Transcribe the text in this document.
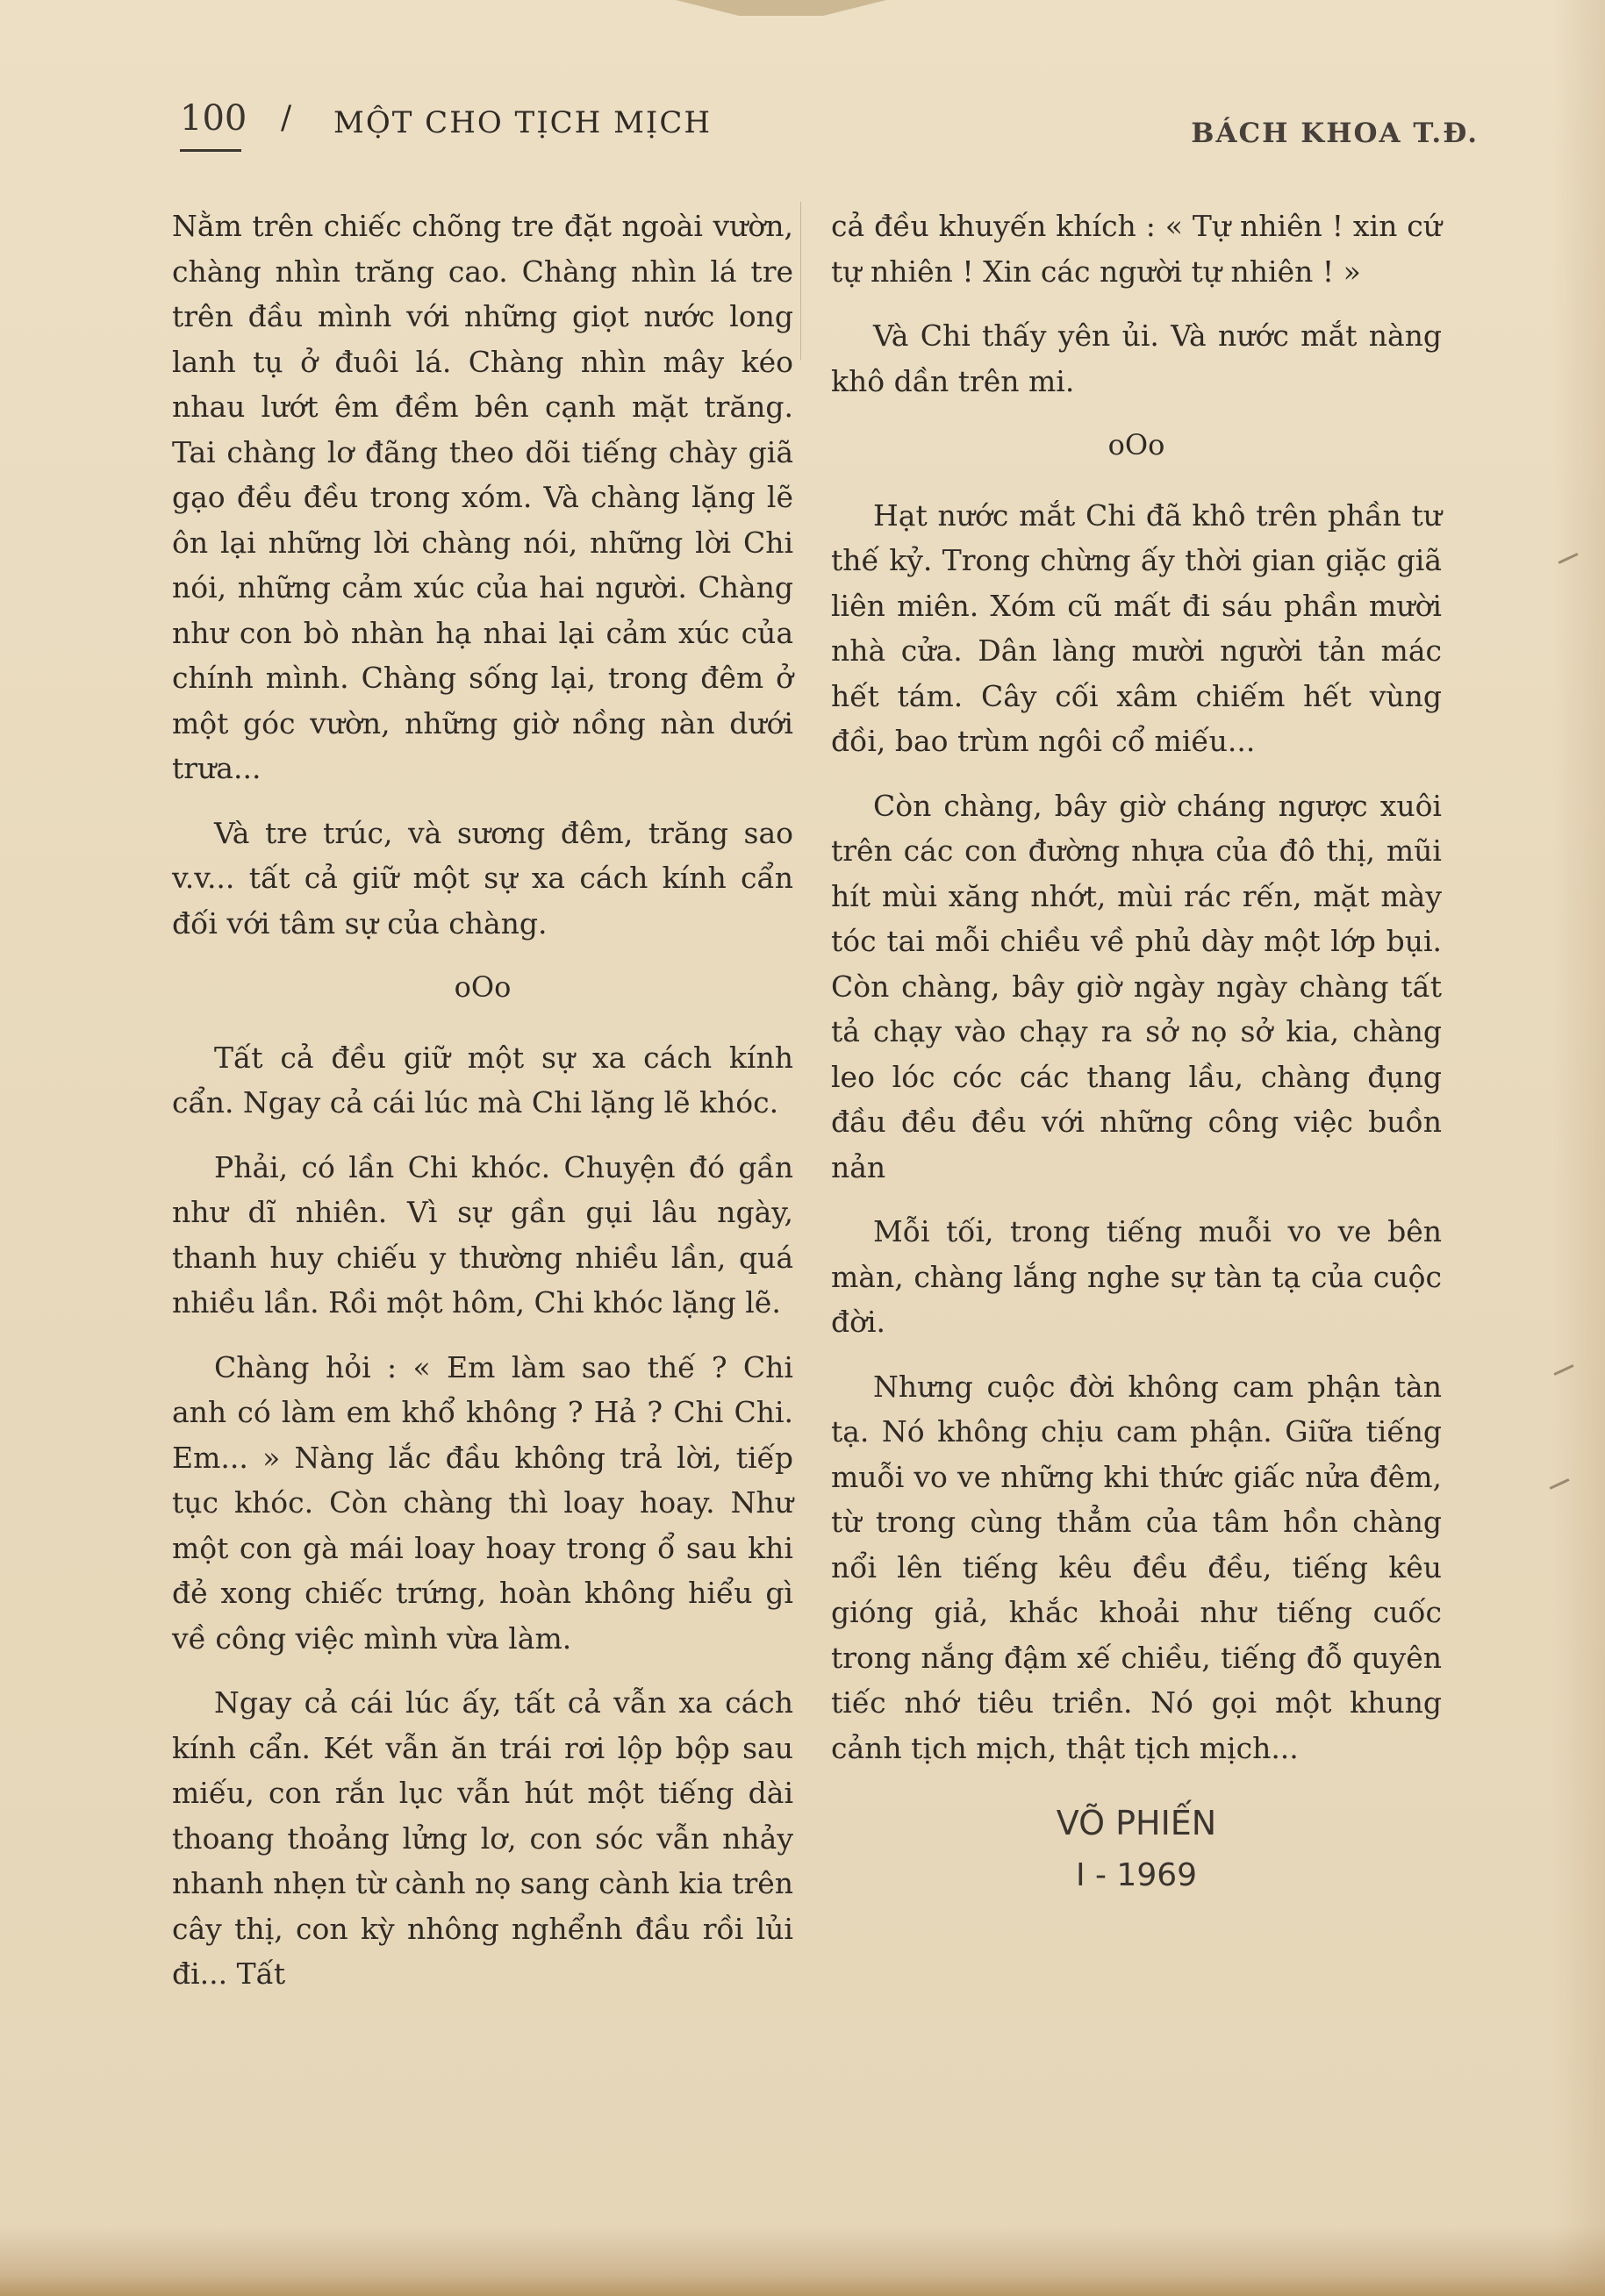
100 / MỘT CHO TỊCH MỊCH	BÁCH KHOA T.Đ.

Nằm trên chiếc chõng tre đặt ngoài vườn, chàng nhìn trăng cao. Chàng nhìn lá tre trên đầu mình với những giọt nước long lanh tụ ở đuôi lá. Chàng nhìn mây kéo nhau lướt êm đềm bên cạnh mặt trăng. Tai chàng lơ đãng theo dõi tiếng chày giã gạo đều đều trong xóm. Và chàng lặng lẽ ôn lại những lời chàng nói, những lời Chi nói, những cảm xúc của hai người. Chàng như con bò nhàn hạ nhai lại cảm xúc của chính mình. Chàng sống lại, trong đêm ở một góc vườn, những giờ nồng nàn dưới trưa...

Và tre trúc, và sương đêm, trăng sao v.v... tất cả giữ một sự xa cách kính cẩn đối với tâm sự của chàng.

oOo

Tất cả đều giữ một sự xa cách kính cẩn. Ngay cả cái lúc mà Chi lặng lẽ khóc.

Phải, có lần Chi khóc. Chuyện đó gần như dĩ nhiên. Vì sự gần gụi lâu ngày, thanh huy chiếu y thường nhiều lần, quá nhiều lần. Rồi một hôm, Chi khóc lặng lẽ.

Chàng hỏi : « Em làm sao thế ? Chi anh có làm em khổ không ? Hả ? Chi Chi. Em... » Nàng lắc đầu không trả lời, tiếp tục khóc. Còn chàng thì loay hoay. Như một con gà mái loay hoay trong ổ sau khi đẻ xong chiếc trứng, hoàn không hiểu gì về công việc mình vừa làm.

Ngay cả cái lúc ấy, tất cả vẫn xa cách kính cẩn. Két vẫn ăn trái rơi lộp bộp sau miếu, con rắn lục vẫn hút một tiếng dài thoang thoảng lửng lơ, con sóc vẫn nhảy nhanh nhẹn từ cành nọ sang cành kia trên cây thị, con kỳ nhông nghểnh đầu rồi lủi đi... Tất

cả đều khuyến khích : « Tự nhiên ! xin cứ tự nhiên ! Xin các người tự nhiên ! »

Và Chi thấy yên ủi. Và nước mắt nàng khô dần trên mi.

oOo

Hạt nước mắt Chi đã khô trên phần tư thế kỷ. Trong chừng ấy thời gian giặc giã liên miên. Xóm cũ mất đi sáu phần mười nhà cửa. Dân làng mười người tản mác hết tám. Cây cối xâm chiếm hết vùng đồi, bao trùm ngôi cổ miếu...

Còn chàng, bây giờ cháng ngược xuôi trên các con đường nhựa của đô thị, mũi hít mùi xăng nhớt, mùi rác rến, mặt mày tóc tai mỗi chiều về phủ dày một lớp bụi. Còn chàng, bây giờ ngày ngày chàng tất tả chạy vào chạy ra sở nọ sở kia, chàng leo lóc cóc các thang lầu, chàng đụng đầu đều đều với những công việc buồn nản

Mỗi tối, trong tiếng muỗi vo ve bên màn, chàng lắng nghe sự tàn tạ của cuộc đời.

Nhưng cuộc đời không cam phận tàn tạ. Nó không chịu cam phận. Giữa tiếng muỗi vo ve những khi thức giấc nửa đêm, từ trong cùng thẳm của tâm hồn chàng nổi lên tiếng kêu đều đều, tiếng kêu gióng giả, khắc khoải như tiếng cuốc trong nắng đậm xế chiều, tiếng đỗ quyên tiếc nhớ tiêu triền. Nó gọi một khung cảnh tịch mịch, thật tịch mịch...

VÕ PHIẾN
I - 1969
